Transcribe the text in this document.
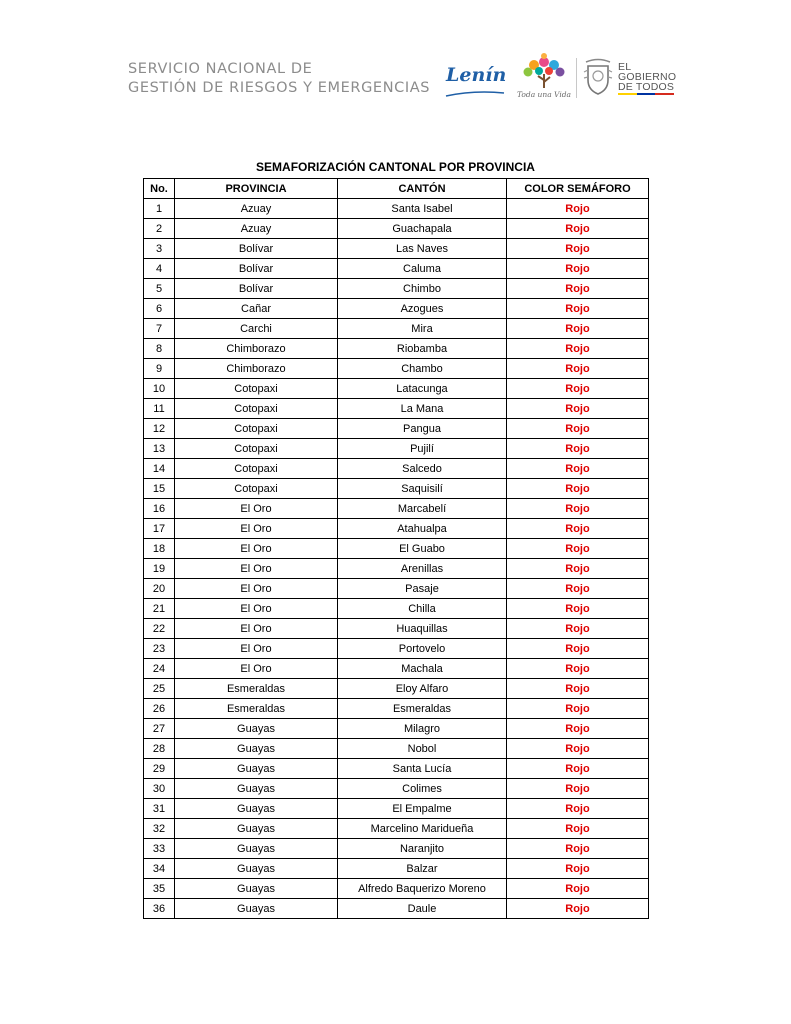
SERVICIO NACIONAL DE
GESTIÓN DE RIESGOS Y EMERGENCIAS
Lenín
Toda una Vida
EL
GOBIERNO
DE TODOS
SEMAFORIZACIÓN CANTONAL POR PROVINCIA
No.	PROVINCIA	CANTÓN	COLOR SEMÁFORO
1	Azuay	Santa Isabel	Rojo
2	Azuay	Guachapala	Rojo
3	Bolívar	Las Naves	Rojo
4	Bolívar	Caluma	Rojo
5	Bolívar	Chimbo	Rojo
6	Cañar	Azogues	Rojo
7	Carchi	Mira	Rojo
8	Chimborazo	Riobamba	Rojo
9	Chimborazo	Chambo	Rojo
10	Cotopaxi	Latacunga	Rojo
11	Cotopaxi	La Mana	Rojo
12	Cotopaxi	Pangua	Rojo
13	Cotopaxi	Pujilí	Rojo
14	Cotopaxi	Salcedo	Rojo
15	Cotopaxi	Saquisilí	Rojo
16	El Oro	Marcabelí	Rojo
17	El Oro	Atahualpa	Rojo
18	El Oro	El Guabo	Rojo
19	El Oro	Arenillas	Rojo
20	El Oro	Pasaje	Rojo
21	El Oro	Chilla	Rojo
22	El Oro	Huaquillas	Rojo
23	El Oro	Portovelo	Rojo
24	El Oro	Machala	Rojo
25	Esmeraldas	Eloy Alfaro	Rojo
26	Esmeraldas	Esmeraldas	Rojo
27	Guayas	Milagro	Rojo
28	Guayas	Nobol	Rojo
29	Guayas	Santa Lucía	Rojo
30	Guayas	Colimes	Rojo
31	Guayas	El Empalme	Rojo
32	Guayas	Marcelino Maridueña	Rojo
33	Guayas	Naranjito	Rojo
34	Guayas	Balzar	Rojo
35	Guayas	Alfredo Baquerizo Moreno	Rojo
36	Guayas	Daule	Rojo
